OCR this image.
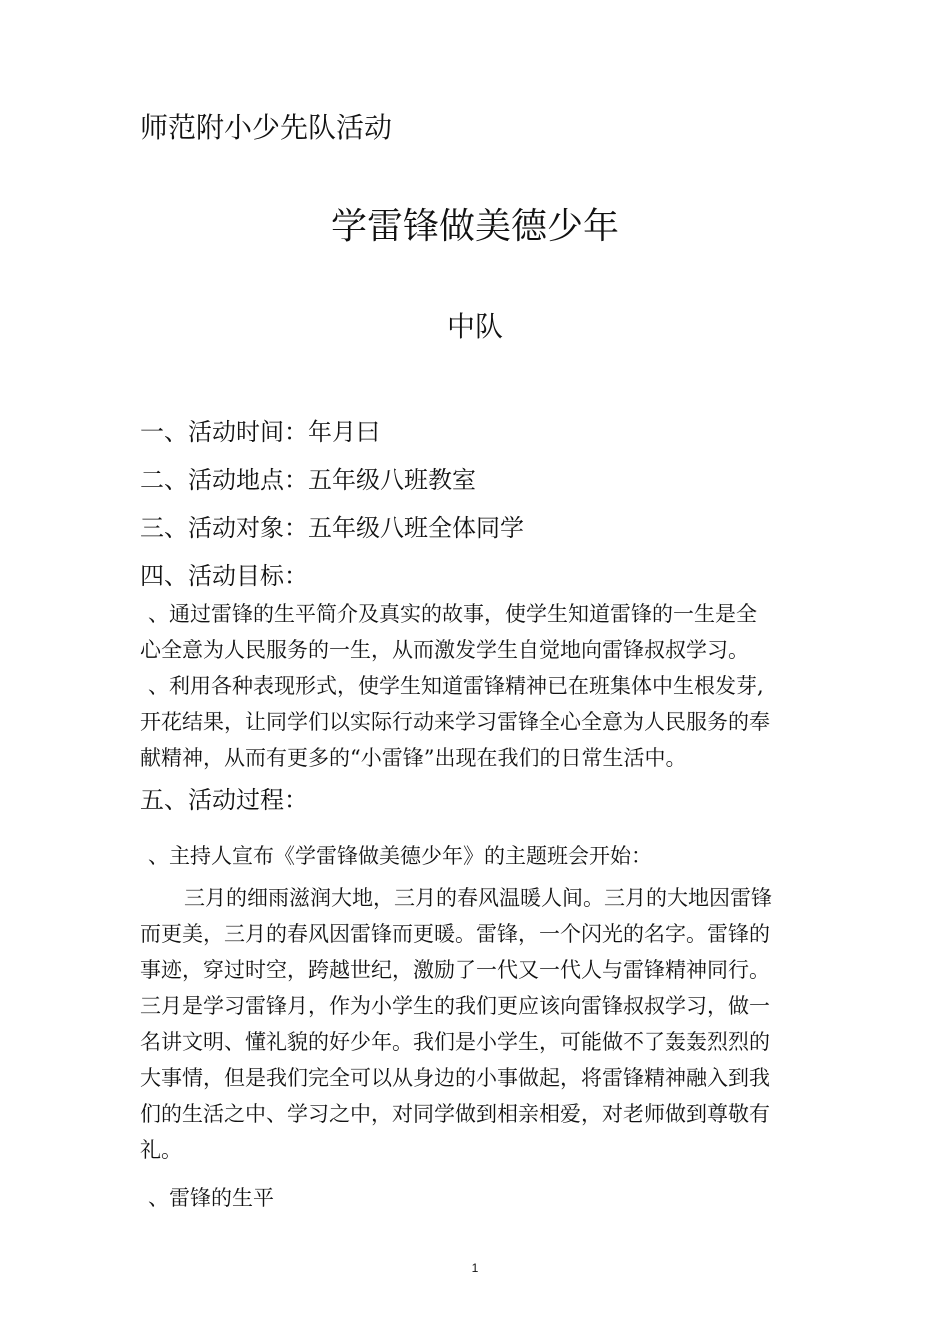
师范附小少先队活动
学雷锋做美德少年
中队
一、活动时间：年月曰
二、活动地点：五年级八班教室
三、活动对象：五年级八班全体同学
四、活动目标：
、通过雷锋的生平简介及真实的故事，使学生知道雷锋的一生是全
心全意为人民服务的一生，从而激发学生自觉地向雷锋叔叔学习。
、利用各种表现形式，使学生知道雷锋精神已在班集体中生根发芽,
开花结果，让同学们以实际行动来学习雷锋全心全意为人民服务的奉
献精神，从而有更多的“小雷锋”出现在我们的日常生活中。
五、活动过程：
、主持人宣布《学雷锋做美德少年》的主题班会开始：
三月的细雨滋润大地，三月的春风温暖人间。三月的大地因雷锋
而更美，三月的春风因雷锋而更暖。雷锋，一个闪光的名字。雷锋的
事迹，穿过时空，跨越世纪，激励了一代又一代人与雷锋精神同行。
三月是学习雷锋月，作为小学生的我们更应该向雷锋叔叔学习，做一
名讲文明、懂礼貌的好少年。我们是小学生，可能做不了轰轰烈烈的
大事情，但是我们完全可以从身边的小事做起，将雷锋精神融入到我
们的生活之中、学习之中，对同学做到相亲相爱，对老师做到尊敬有
礼。
、雷锋的生平
1
